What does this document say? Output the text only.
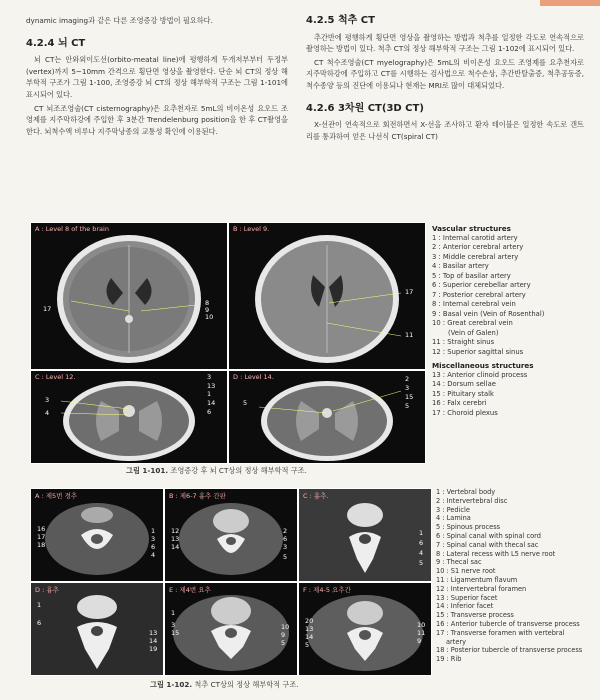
dynamic imaging과 같은 다른 조영증강 방법이 필요하다.

4.2.4 뇌 CT

뇌 CT는 안와외이도선(orbito-meatal line)에 평행하게 두개저부부터 두정부(vertex)까지 5~10mm 간격으로 횡단면 영상을 촬영한다. 단순 뇌 CT의 정상 해부학적 구조가 그림 1-100, 조영증강 뇌 CT의 정상 해부학적 구조는 그림 1-101에 표시되어 있다.

CT 뇌조조영술(CT cisternography)은 요추천자로 5mL의 비이온성 요오드 조영제를 지주막하강에 주입한 후 3분간 Trendelenburg position을 한 후 CT촬영을 한다. 뇌척수액 비루나 지주막낭종의 교통성 확인에 이용된다.

4.2.5 척추 CT

추간반에 평행하게 횡단면 영상을 촬영하는 방법과 척추를 일정한 각도로 연속적으로 촬영하는 방법이 있다. 척추 CT의 정상 해부학적 구조는 그림 1-102에 표시되어 있다.

CT 척수조영술(CT myelography)은 5mL의 비이온성 요오드 조영제를 요추천자로 지주막하강에 주입하고 CT를 시행하는 검사법으로 척수손상, 추간반탈출증, 척추공동증, 척수종양 등의 진단에 이용되나 현재는 MRI로 많이 대체되었다.

4.2.6 3차원 CT(3D CT)

X-선관이 연속적으로 회전하면서 X-선을 조사하고 환자 테이블은 일정한 속도로 갠트리를 통과하여 얻은 나선식 CT(spiral CT)

A : Level 8 of the brain
8
9
10
17
B : Level 9.
17
11
C : Level 12.	3
13
1
14
6
3
4
D : Level 14.	2
3
15
5
5
Vascular structures
1 : Internal carotid artery
2 : Anterior cerebral artery
3 : Middle cerebral artery
4 : Basilar artery
5 : Top of basilar artery
6 : Superior cerebellar artery
7 : Posterior cerebral artery
8 : Internal cerebral vein
9 : Basal vein (Vein of Rosenthal)
10 : Great cerebral vein
(Vein of Galen)
11 : Straight sinus
12 : Superior sagittal sinus
Miscellaneous structures
13 : Anterior clinoid process
14 : Dorsum sellae
15 : Pituitary stalk
16 : Falx cerebri
17 : Choroid plexus
그림 1-101. 조영증강 후 뇌 CT상의 정상 해부학적 구조.
A : 제5번 경추
16
17
18
1
3
6
4
B : 제6-7 흉추 간판
12
13
14
2
6
3
5
C : 흉추.
1
6
4
5
D : 흉추
1
6
13
14
19
E : 제4번 요추
1
3
15
10
9
5
F : 제4-5 요추간
20
13
14
5
10
11
9
1 : Vertebral body
2 : Intervertebral disc
3 : Pedicle
4 : Lamina
5 : Spinous process
6 : Spinal canal with spinal cord
7 : Spinal canal with thecal sac
8 : Lateral recess with L5 nerve root
9 : Thecal sac
10 : S1 nerve root
11 : Ligamentum flavum
12 : Intervertebral foramen
13 : Superior facet
14 : Inferior facet
15 : Transverse process
16 : Anterior tubercle of transverse process
17 : Transverse foramen with vertebral artery
18 : Posterior tubercle of transverse process
19 : Rib
그림 1-102. 척추 CT상의 정상 해부학적 구조.
